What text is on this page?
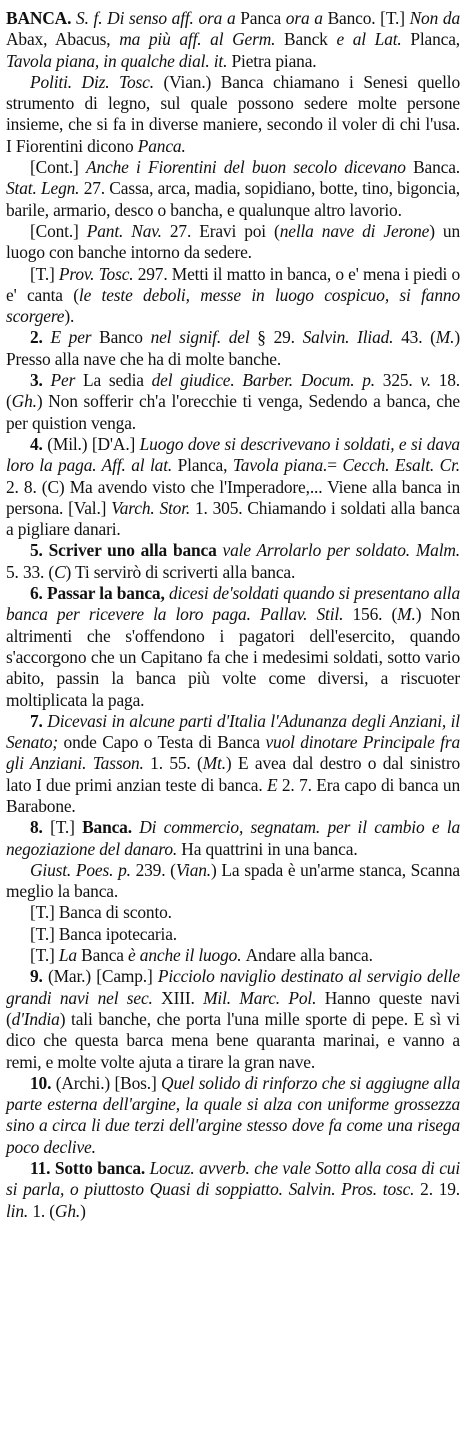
BANCA. S. f. Di senso aff. ora a Panca ora a Banco. [T.] Non da Abax, Abacus, ma più aff. al Germ. Banck e al Lat. Planca, Tavola piana, in qualche dial. it. Pietra piana.

Politi. Diz. Tosc. (Vian.) Banca chiamano i Senesi quello strumento di legno, sul quale possono sedere molte persone insieme, che si fa in diverse maniere, secondo il voler di chi l'usa. I Fiorentini dicono Panca.

[Cont.] Anche i Fiorentini del buon secolo dicevano Banca. Stat. Legn. 27. Cassa, arca, madia, sopidiano, botte, tino, bigoncia, barile, armario, desco o bancha, e qualunque altro lavorio.

[Cont.] Pant. Nav. 27. Eravi poi (nella nave di Jerone) un luogo con banche intorno da sedere.

[T.] Prov. Tosc. 297. Metti il matto in banca, o e' mena i piedi o e' canta (le teste deboli, messe in luogo cospicuo, si fanno scorgere).

2. E per Banco nel signif. del § 29. Salvin. Iliad. 43. (M.) Presso alla nave che ha di molte banche.

3. Per La sedia del giudice. Barber. Docum. p. 325. v. 18. (Gh.) Non sofferir ch'a l'orecchie ti venga, Sedendo a banca, che per quistion venga.

4. (Mil.) [D'A.] Luogo dove si descrivevano i soldati, e si dava loro la paga. Aff. al lat. Planca, Tavola piana.= Cecch. Esalt. Cr. 2. 8. (C) Ma avendo visto che l'Imperadore,... Viene alla banca in persona. [Val.] Varch. Stor. 1. 305. Chiamando i soldati alla banca a pigliare danari.

5. Scriver uno alla banca vale Arrolarlo per soldato. Malm. 5. 33. (C) Ti servirò di scriverti alla banca.

6. Passar la banca, dicesi de'soldati quando si presentano alla banca per ricevere la loro paga. Pallav. Stil. 156. (M.) Non altrimenti che s'offendono i pagatori dell'esercito, quando s'accorgono che un Capitano fa che i medesimi soldati, sotto vario abito, passin la banca più volte come diversi, a riscuoter moltiplicata la paga.

7. Dicevasi in alcune parti d'Italia l'Adunanza degli Anziani, il Senato; onde Capo o Testa di Banca vuol dinotare Principale fra gli Anziani. Tasson. 1. 55. (Mt.) E avea dal destro o dal sinistro lato I due primi anzian teste di banca. E 2. 7. Era capo di banca un Barabone.

8. [T.] Banca. Di commercio, segnatam. per il cambio e la negoziazione del danaro. Ha quattrini in una banca.

Giust. Poes. p. 239. (Vian.) La spada è un'arme stanca, Scanna meglio la banca.

[T.] Banca di sconto.

[T.] Banca ipotecaria.

[T.] La Banca è anche il luogo. Andare alla banca.

9. (Mar.) [Camp.] Picciolo naviglio destinato al servigio delle grandi navi nel sec. XIII. Mil. Marc. Pol. Hanno queste navi (d'India) tali banche, che porta l'una mille sporte di pepe. E sì vi dico che questa barca mena bene quaranta marinai, e vanno a remi, e molte volte ajuta a tirare la gran nave.

10. (Archi.) [Bos.] Quel solido di rinforzo che si aggiugne alla parte esterna dell'argine, la quale si alza con uniforme grossezza sino a circa li due terzi dell'argine stesso dove fa come una risega poco declive.

11. Sotto banca. Locuz. avverb. che vale Sotto alla cosa di cui si parla, o piuttosto Quasi di soppiatto. Salvin. Pros. tosc. 2. 19. lin. 1. (Gh.)
